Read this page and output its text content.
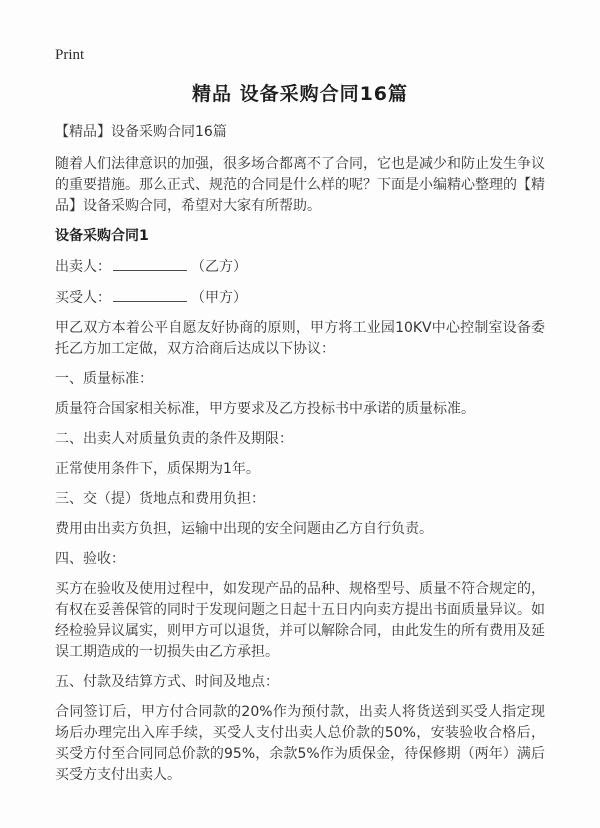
Print
精品 设备采购合同16篇
【精品】设备采购合同16篇

随着人们法律意识的加强，很多场合都离不了合同，它也是减少和防止发生争议的重要措施。那么正式、规范的合同是什么样的呢？下面是小编精心整理的【精品】设备采购合同，希望对大家有所帮助。

设备采购合同1
出卖人：	（乙方）
买受人：	（甲方）

甲乙双方本着公平自愿友好协商的原则，甲方将工业园10KV中心控制室设备委托乙方加工定做，双方洽商后达成以下协议：

一、质量标准：

质量符合国家相关标准，甲方要求及乙方投标书中承诺的质量标准。

二、出卖人对质量负责的条件及期限：

正常使用条件下，质保期为1年。

三、交（提）货地点和费用负担：

费用由出卖方负担，运输中出现的安全问题由乙方自行负责。

四、验收：

买方在验收及使用过程中，如发现产品的品种、规格型号、质量不符合规定的，有权在妥善保管的同时于发现问题之日起十五日内向卖方提出书面质量异议。如经检验异议属实，则甲方可以退货，并可以解除合同，由此发生的所有费用及延误工期造成的一切损失由乙方承担。

五、付款及结算方式、时间及地点：

合同签订后，甲方付合同款的20%作为预付款，出卖人将货送到买受人指定现场后办理完出入库手续，买受人支付出卖人总价款的50%，安装验收合格后，买受方付至合同同总价款的95%，余款5%作为质保金，待保修期（两年）满后买受方支付出卖人。
